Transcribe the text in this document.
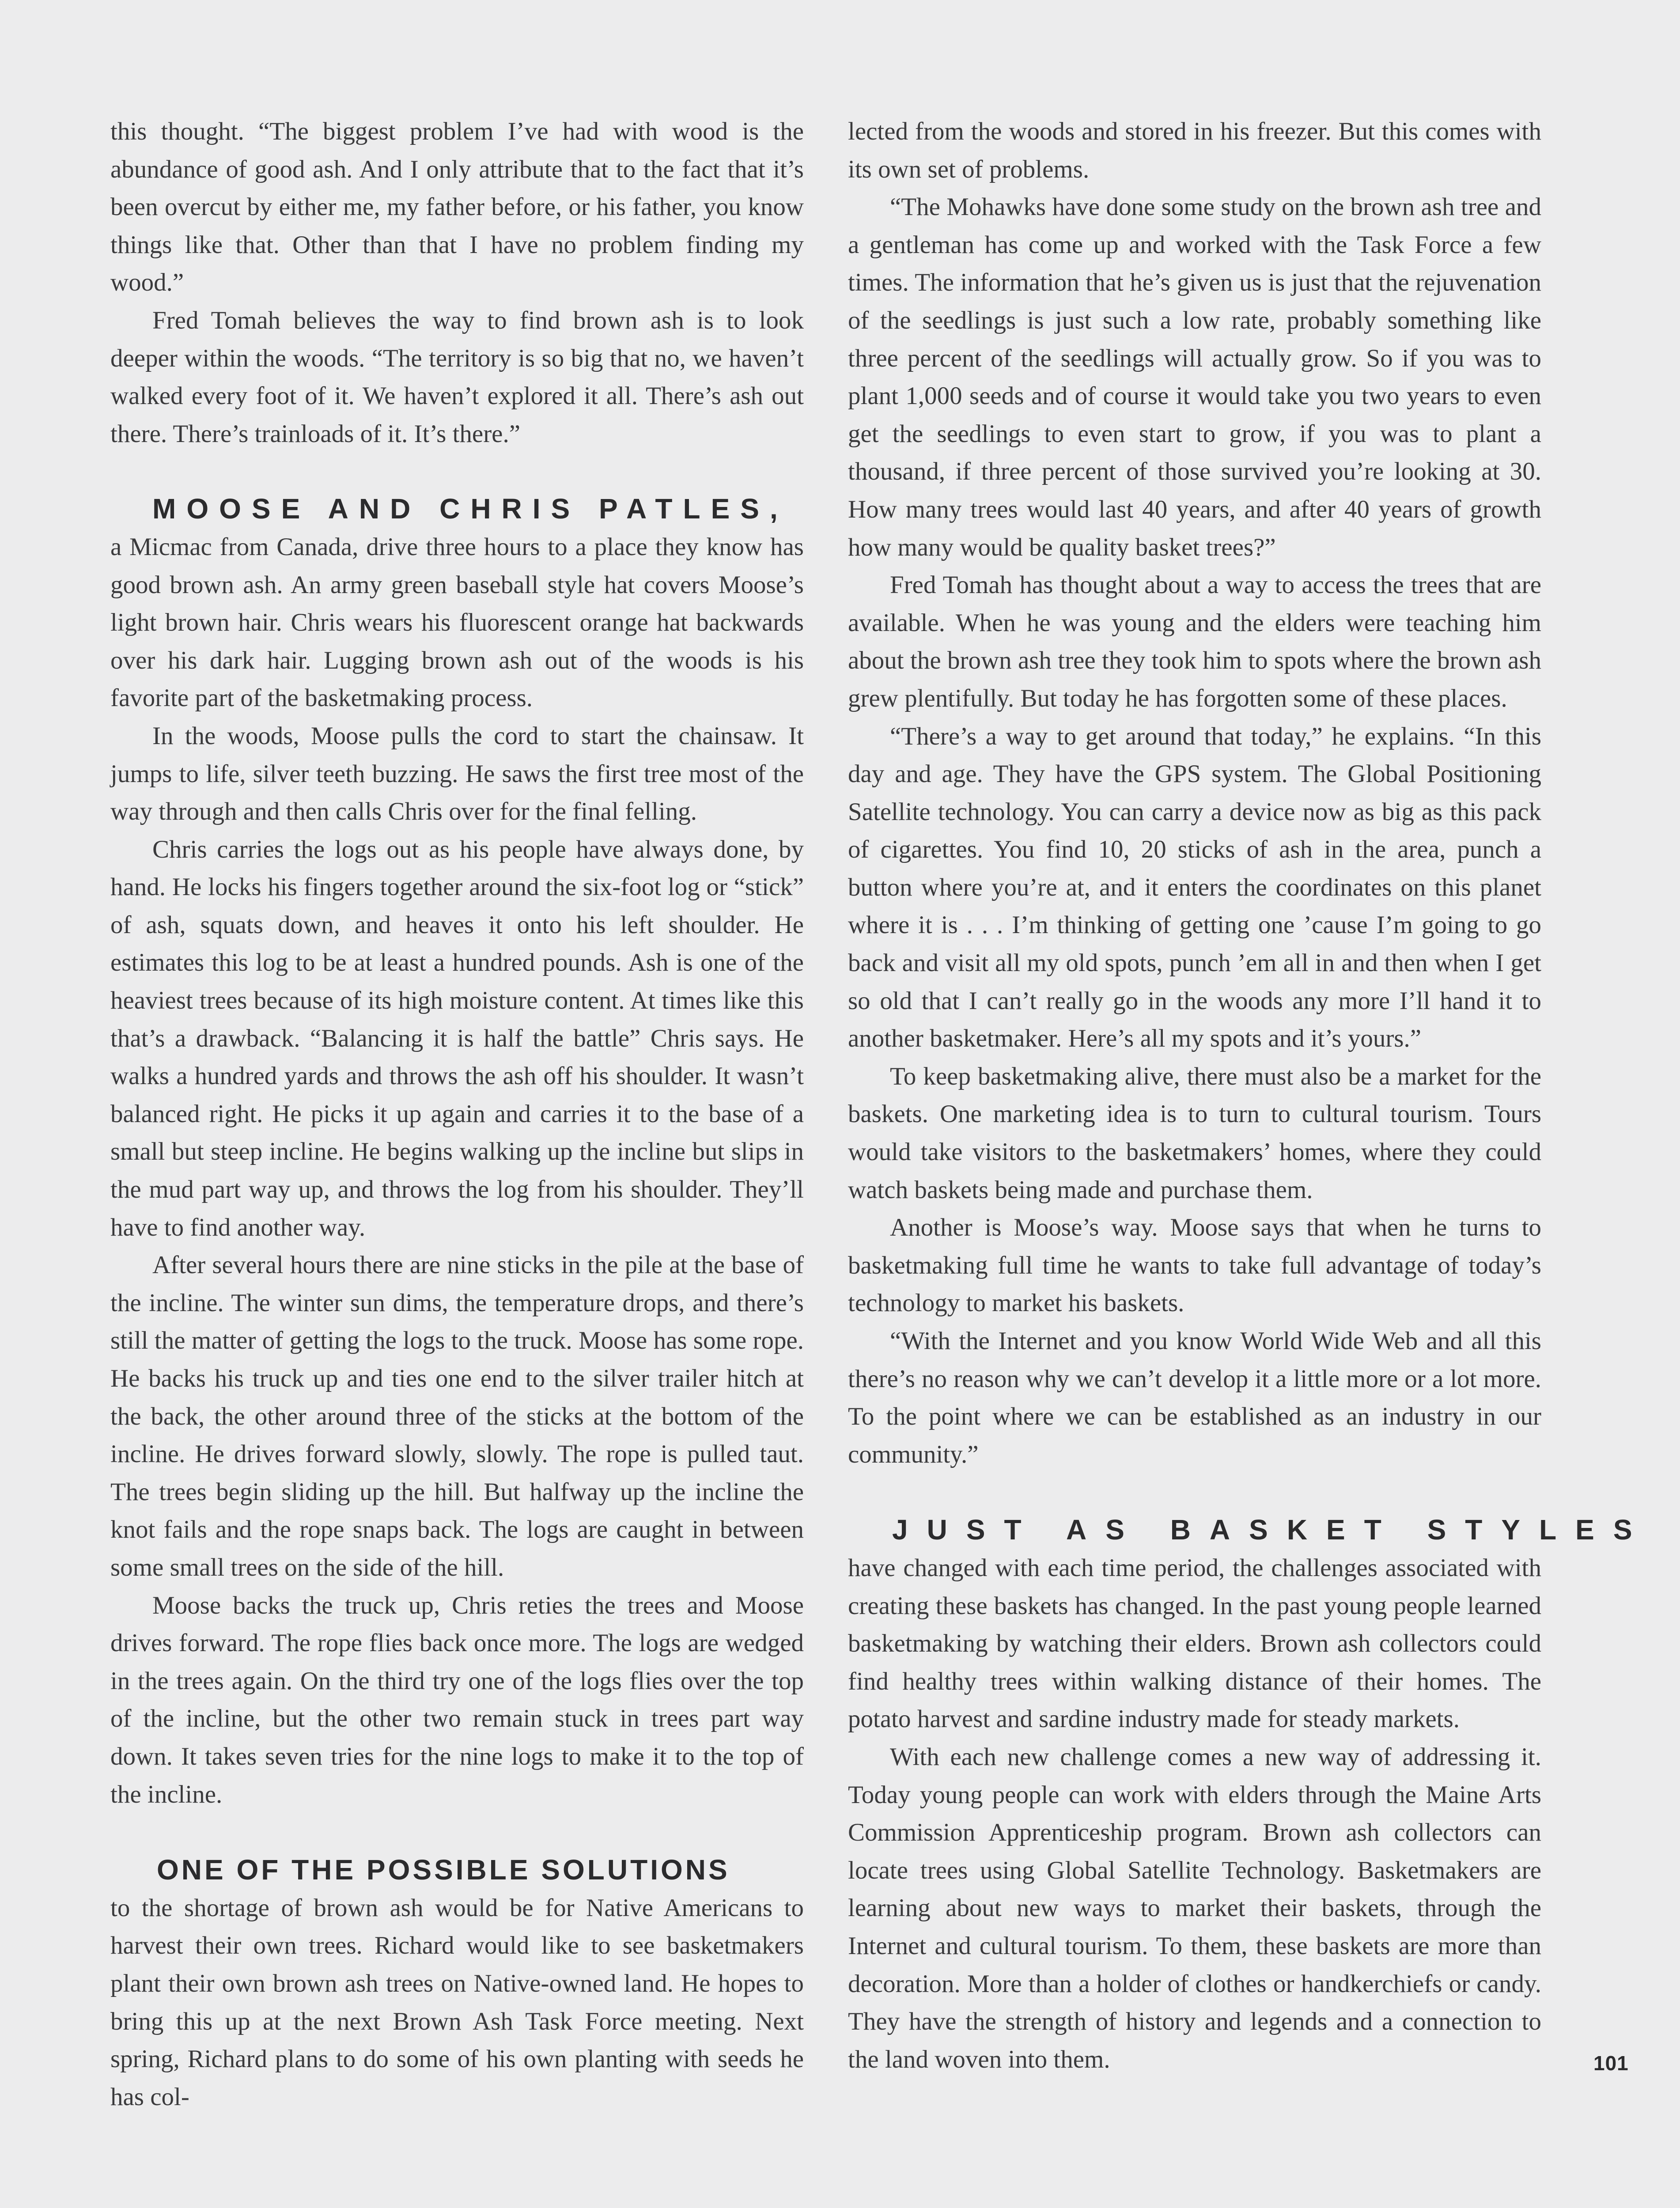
this thought. “The biggest problem I’ve had with wood is the abundance of good ash. And I only attribute that to the fact that it’s been overcut by either me, my father before, or his father, you know things like that. Other than that I have no problem finding my wood.”

Fred Tomah believes the way to find brown ash is to look deeper within the woods. “The territory is so big that no, we haven’t walked every foot of it. We haven’t explored it all. There’s ash out there. There’s trainloads of it. It’s there.”

MOOSE AND CHRIS PATLES,

a Micmac from Canada, drive three hours to a place they know has good brown ash. An army green baseball style hat covers Moose’s light brown hair. Chris wears his fluorescent orange hat backwards over his dark hair. Lugging brown ash out of the woods is his favorite part of the basketmaking process.

In the woods, Moose pulls the cord to start the chainsaw. It jumps to life, silver teeth buzzing. He saws the first tree most of the way through and then calls Chris over for the final felling.

Chris carries the logs out as his people have always done, by hand. He locks his fingers together around the six-foot log or “stick” of ash, squats down, and heaves it onto his left shoulder. He estimates this log to be at least a hundred pounds. Ash is one of the heaviest trees because of its high moisture content. At times like this that’s a drawback. “Balancing it is half the battle” Chris says. He walks a hundred yards and throws the ash off his shoulder. It wasn’t balanced right. He picks it up again and carries it to the base of a small but steep incline. He begins walking up the incline but slips in the mud part way up, and throws the log from his shoulder. They’ll have to find another way.

After several hours there are nine sticks in the pile at the base of the incline. The winter sun dims, the temperature drops, and there’s still the matter of getting the logs to the truck. Moose has some rope. He backs his truck up and ties one end to the silver trailer hitch at the back, the other around three of the sticks at the bottom of the incline. He drives forward slowly, slowly. The rope is pulled taut. The trees begin sliding up the hill. But halfway up the incline the knot fails and the rope snaps back. The logs are caught in between some small trees on the side of the hill.

Moose backs the truck up, Chris reties the trees and Moose drives forward. The rope flies back once more. The logs are wedged in the trees again. On the third try one of the logs flies over the top of the incline, but the other two remain stuck in trees part way down. It takes seven tries for the nine logs to make it to the top of the incline.

ONE OF THE POSSIBLE SOLUTIONS

to the shortage of brown ash would be for Native Americans to harvest their own trees. Richard would like to see basketmakers plant their own brown ash trees on Native-owned land. He hopes to bring this up at the next Brown Ash Task Force meeting. Next spring, Richard plans to do some of his own planting with seeds he has col-

lected from the woods and stored in his freezer. But this comes with its own set of problems.

“The Mohawks have done some study on the brown ash tree and a gentleman has come up and worked with the Task Force a few times. The information that he’s given us is just that the rejuvenation of the seedlings is just such a low rate, probably something like three percent of the seedlings will actually grow. So if you was to plant 1,000 seeds and of course it would take you two years to even get the seedlings to even start to grow, if you was to plant a thousand, if three percent of those survived you’re looking at 30. How many trees would last 40 years, and after 40 years of growth how many would be quality basket trees?”

Fred Tomah has thought about a way to access the trees that are available. When he was young and the elders were teaching him about the brown ash tree they took him to spots where the brown ash grew plentifully. But today he has forgotten some of these places.

“There’s a way to get around that today,” he explains. “In this day and age. They have the GPS system. The Global Positioning Satellite technology. You can carry a device now as big as this pack of cigarettes. You find 10, 20 sticks of ash in the area, punch a button where you’re at, and it enters the coordinates on this planet where it is . . . I’m thinking of getting one ’cause I’m going to go back and visit all my old spots, punch ’em all in and then when I get so old that I can’t really go in the woods any more I’ll hand it to another basketmaker. Here’s all my spots and it’s yours.”

To keep basketmaking alive, there must also be a market for the baskets. One marketing idea is to turn to cultural tourism. Tours would take visitors to the basketmakers’ homes, where they could watch baskets being made and purchase them.

Another is Moose’s way. Moose says that when he turns to basketmaking full time he wants to take full advantage of today’s technology to market his baskets.

“With the Internet and you know World Wide Web and all this there’s no reason why we can’t develop it a little more or a lot more. To the point where we can be established as an industry in our community.”

JUST AS BASKET STYLES

have changed with each time period, the challenges associated with creating these baskets has changed. In the past young people learned basketmaking by watching their elders. Brown ash collectors could find healthy trees within walking distance of their homes. The potato harvest and sardine industry made for steady markets.

With each new challenge comes a new way of addressing it. Today young people can work with elders through the Maine Arts Commission Apprenticeship program. Brown ash collectors can locate trees using Global Satellite Technology. Basketmakers are learning about new ways to market their baskets, through the Internet and cultural tourism. To them, these baskets are more than decoration. More than a holder of clothes or handkerchiefs or candy. They have the strength of history and legends and a connection to the land woven into them.	101
